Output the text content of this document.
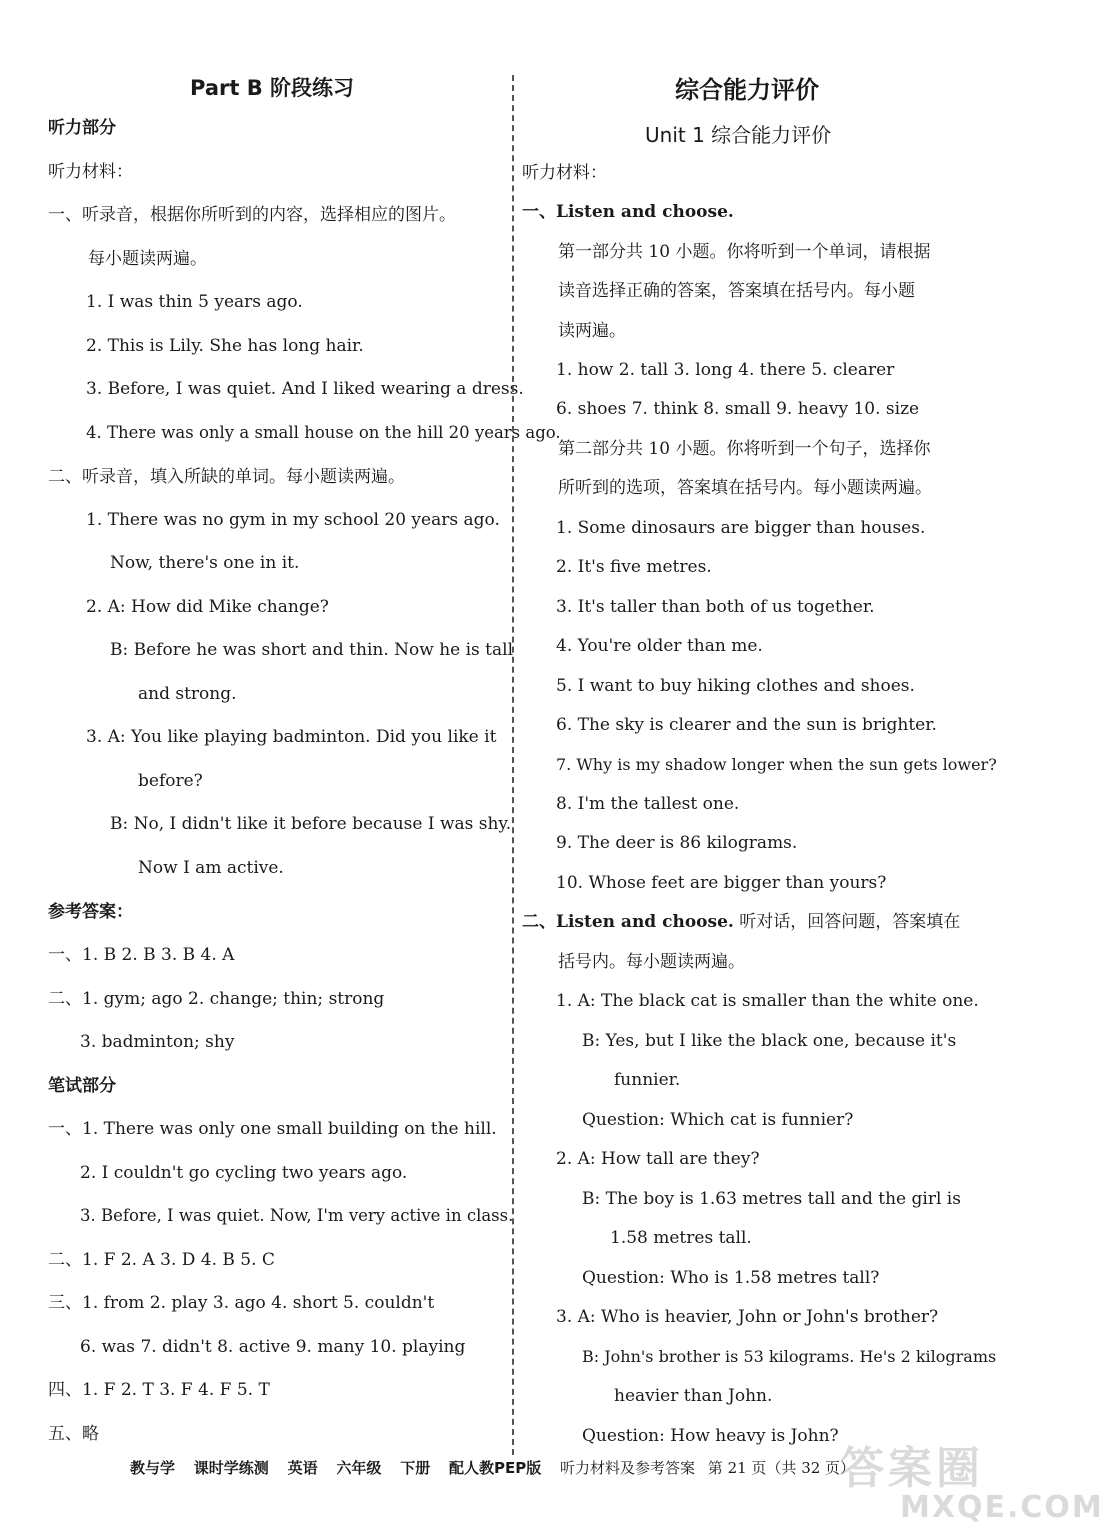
Part B 阶段练习
听力部分
听力材料：
一、听录音，根据你所听到的内容，选择相应的图片。
每小题读两遍。
1. I was thin 5 years ago.
2. This is Lily. She has long hair.
3. Before, I was quiet. And I liked wearing a dress.
4. There was only a small house on the hill 20 years ago.
二、听录音，填入所缺的单词。每小题读两遍。
1. There was no gym in my school 20 years ago.
Now, there's one in it.
2. A: How did Mike change?
B: Before he was short and thin. Now he is tall
and strong.
3. A: You like playing badminton. Did you like it
before?
B: No, I didn't like it before because I was shy.
Now I am active.
参考答案：
一、1. B 2. B 3. B 4. A
二、1. gym; ago 2. change; thin; strong
3. badminton; shy
笔试部分
一、1. There was only one small building on the hill.
2. I couldn't go cycling two years ago.
3. Before, I was quiet. Now, I'm very active in class.
二、1. F 2. A 3. D 4. B 5. C
三、1. from 2. play 3. ago 4. short 5. couldn't
6. was 7. didn't 8. active 9. many 10. playing
四、1. F 2. T 3. F 4. F 5. T
五、略
综合能力评价
Unit 1 综合能力评价
听力材料：
一、Listen and choose.
第一部分共 10 小题。你将听到一个单词，请根据
读音选择正确的答案，答案填在括号内。每小题
读两遍。
1. how 2. tall 3. long 4. there 5. clearer
6. shoes 7. think 8. small 9. heavy 10. size
第二部分共 10 小题。你将听到一个句子，选择你
所听到的选项，答案填在括号内。每小题读两遍。
1. Some dinosaurs are bigger than houses.
2. It's five metres.
3. It's taller than both of us together.
4. You're older than me.
5. I want to buy hiking clothes and shoes.
6. The sky is clearer and the sun is brighter.
7. Why is my shadow longer when the sun gets lower?
8. I'm the tallest one.
9. The deer is 86 kilograms.
10. Whose feet are bigger than yours?
二、Listen and choose. 听对话，回答问题，答案填在
括号内。每小题读两遍。
1. A: The black cat is smaller than the white one.
B: Yes, but I like the black one, because it's
funnier.
Question: Which cat is funnier?
2. A: How tall are they?
B: The boy is 1.63 metres tall and the girl is
1.58 metres tall.
Question: Who is 1.58 metres tall?
3. A: Who is heavier, John or John's brother?
B: John's brother is 53 kilograms. He's 2 kilograms
heavier than John.
Question: How heavy is John?
教与学 课时学练测 英语 六年级 下册 配人教PEP版 听力材料及参考答案 第 21 页（共 32 页）
答案圈
MXQE.COM
